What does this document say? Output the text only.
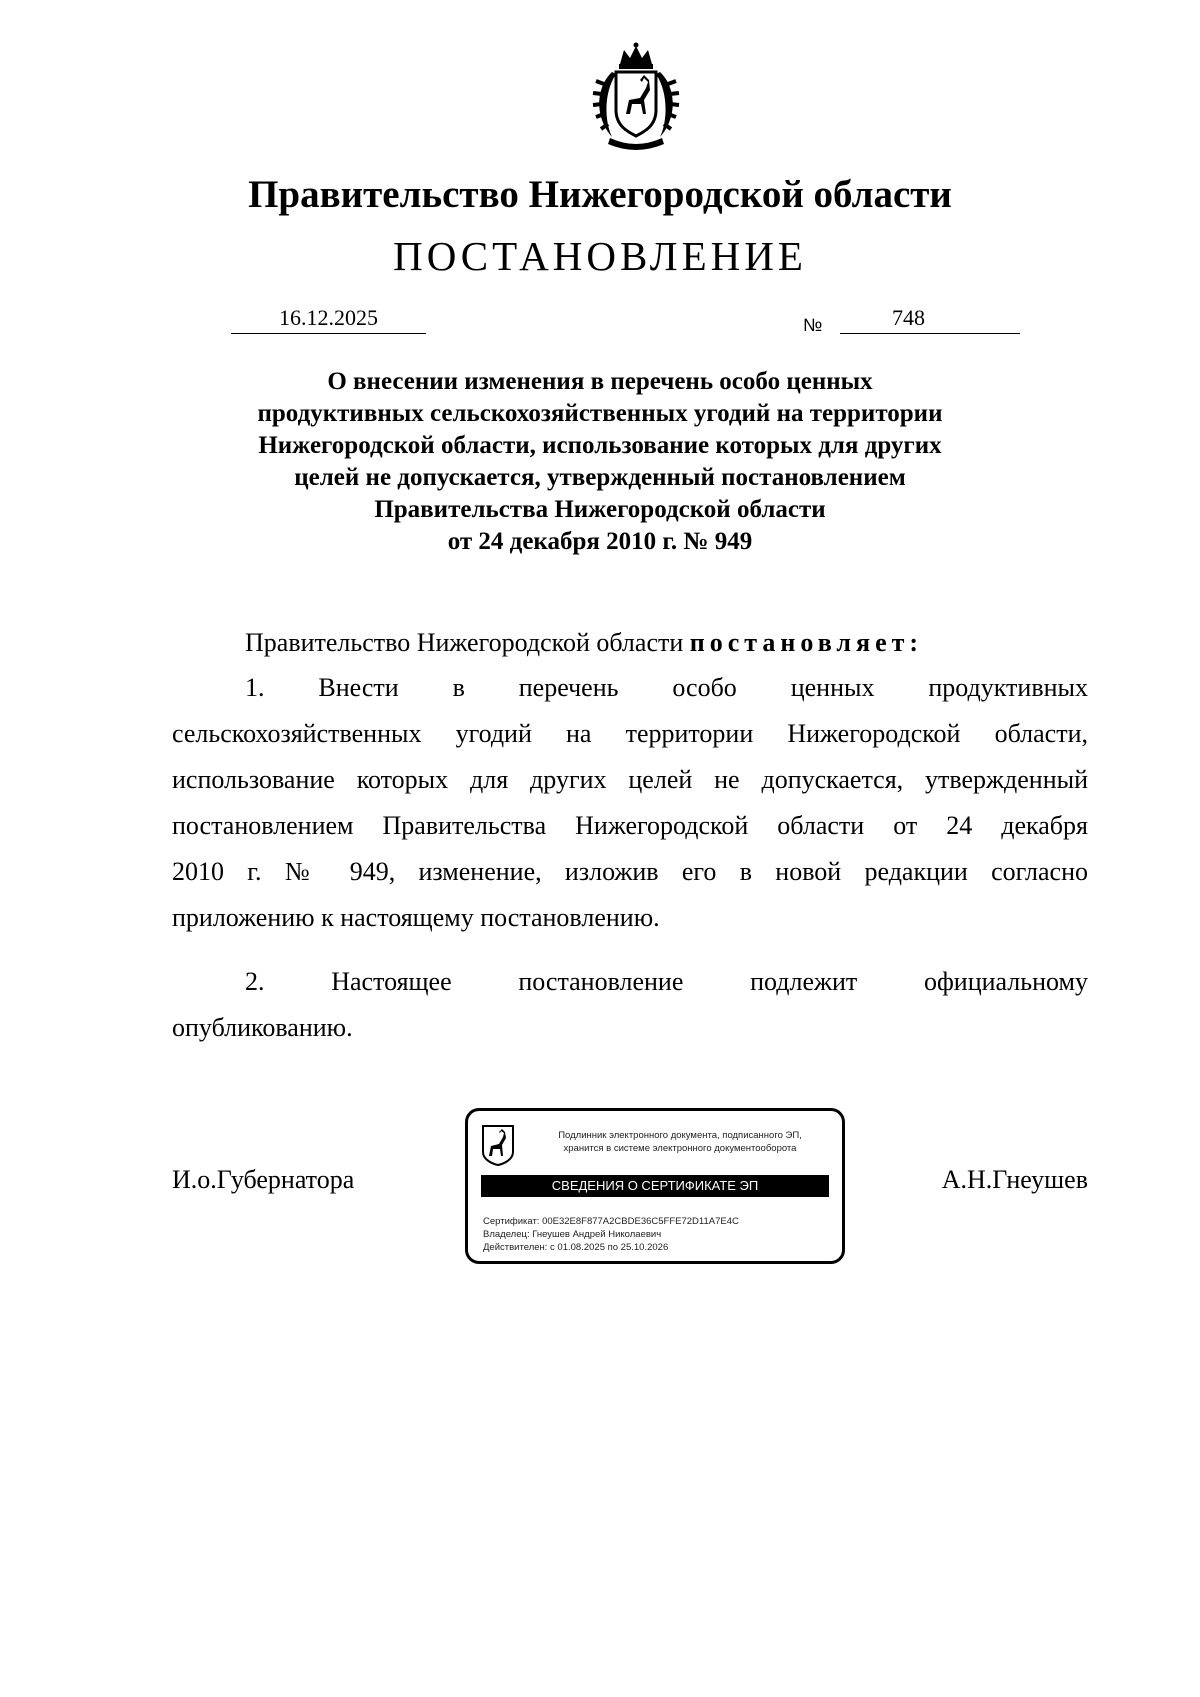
Правительство Нижегородской области
ПОСТАНОВЛЕНИЕ
16.12.2025	№	748
О внесении изменения в перечень особо ценных
продуктивных сельскохозяйственных угодий на территории
Нижегородской области, использование которых для других
целей не допускается, утвержденный постановлением
Правительства Нижегородской области
от 24 декабря 2010 г. № 949
Правительство Нижегородской области постановляет:
1. Внести в перечень особо ценных продуктивных
сельскохозяйственных угодий на территории Нижегородской области,
использование которых для других целей не допускается, утвержденный
постановлением Правительства Нижегородской области от 24 декабря
2010 г. № 949, изменение, изложив его в новой редакции согласно
приложению к настоящему постановлению.
2. Настоящее постановление подлежит официальному
опубликованию.
И.о.Губернатора	А.Н.Гнеушев
Подлинник электронного документа, подписанного ЭП,
хранится в системе электронного документооборота
СВЕДЕНИЯ О СЕРТИФИКАТЕ ЭП
Сертификат: 00E32E8F877A2CBDE36C5FFE72D11A7E4C
Владелец: Гнеушев Андрей Николаевич
Действителен: с 01.08.2025 по 25.10.2026
